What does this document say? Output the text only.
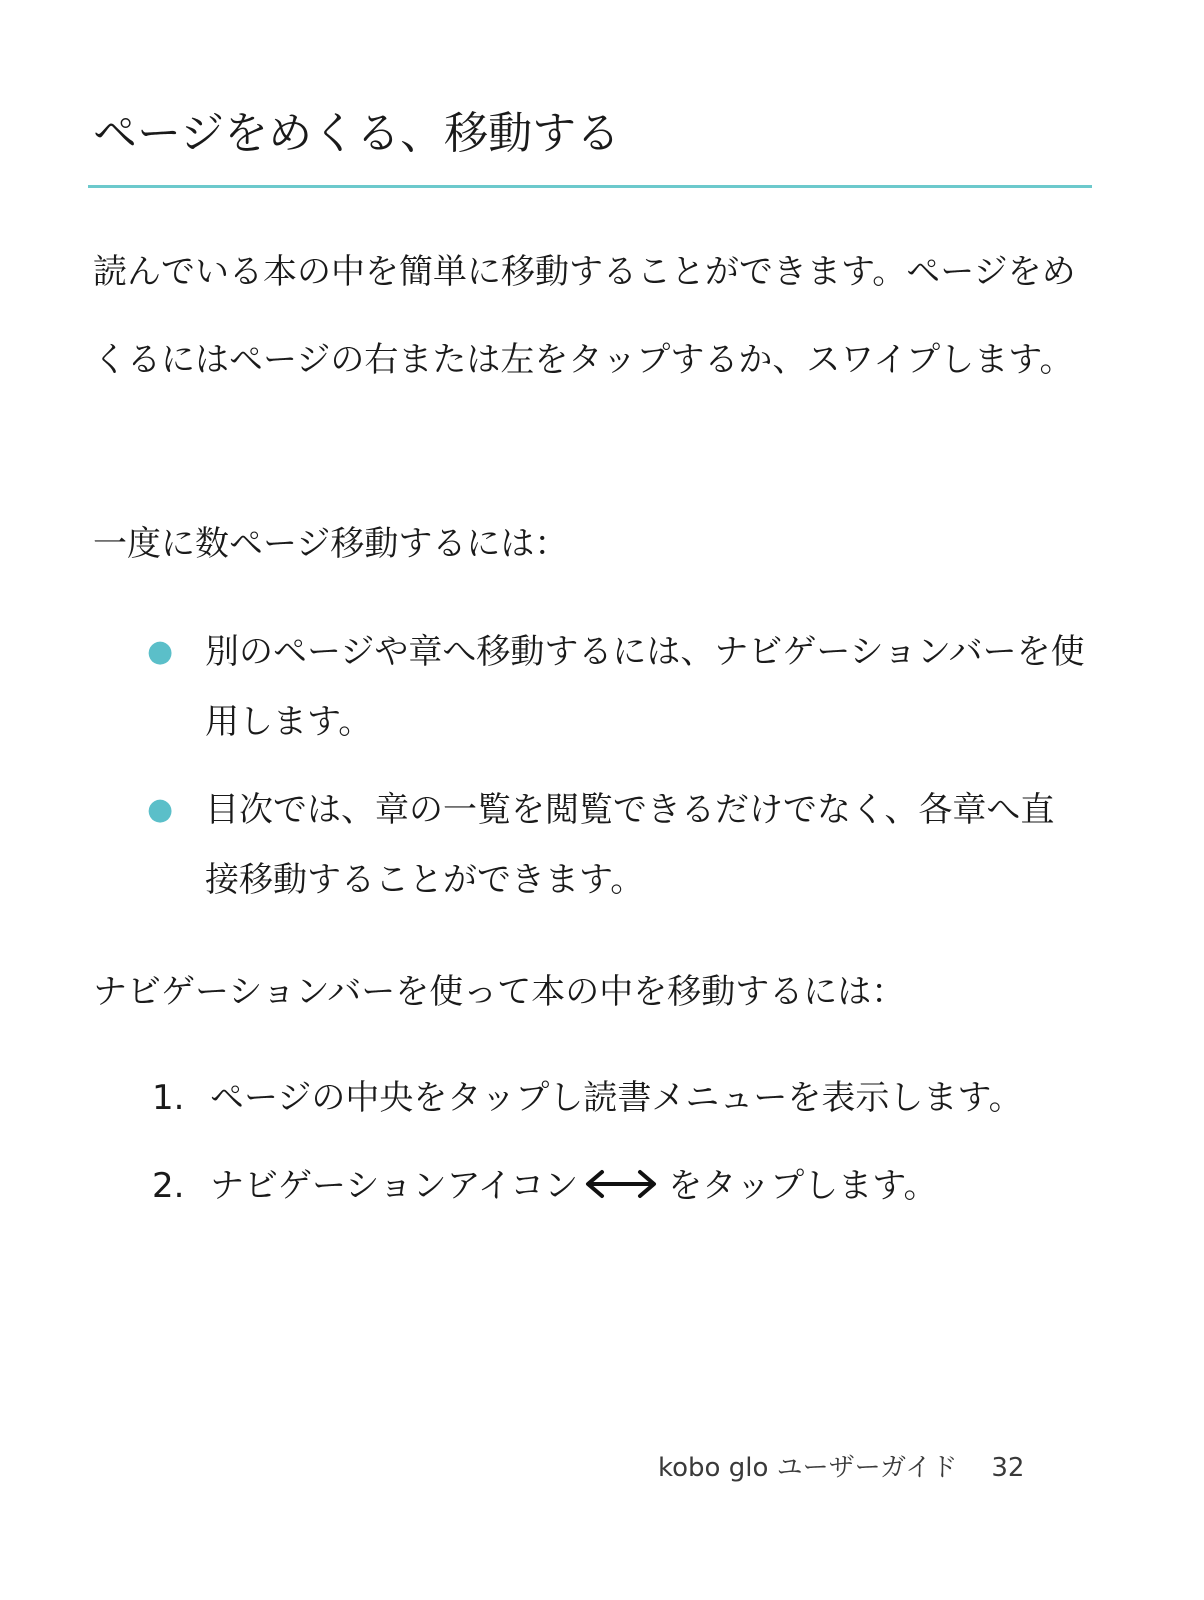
ページをめくる、移動する

読んでいる本の中を簡単に移動することができます。ページをめくるにはページの右または左をタップするか、スワイプします。

一度に数ページ移動するには：

● 別のページや章へ移動するには、ナビゲーションバーを使用します。
● 目次では、章の一覧を閲覧できるだけでなく、各章へ直接移動することができます。

ナビゲーションバーを使って本の中を移動するには：

1. ページの中央をタップし読書メニューを表示します。
2. ナビゲーションアイコン	をタップします。
kobo glo ユーザーガイド 32
